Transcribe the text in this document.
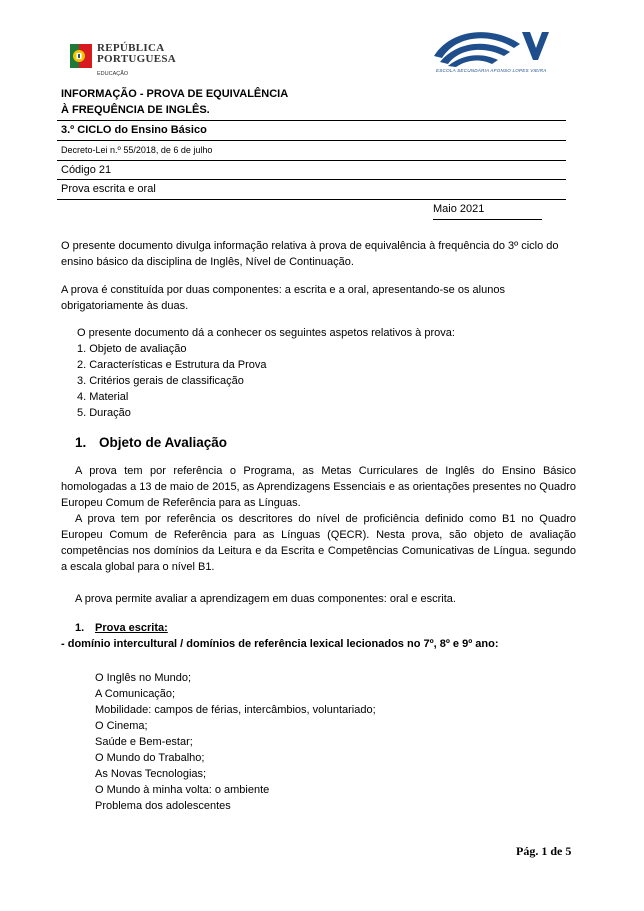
REPÚBLICA
PORTUGUESA
EDUCAÇÃO
ESCOLA SECUNDÁRIA AFONSO LOPES VIEIRA
INFORMAÇÃO - PROVA DE EQUIVALÊNCIA
À FREQUÊNCIA DE INGLÊS.
3.º CICLO do Ensino Básico
Decreto-Lei n.º 55/2018, de 6 de julho
Código 21
Prova escrita e oral
Maio 2021

O presente documento divulga informação relativa à prova de equivalência à frequência do 3º ciclo do ensino básico da disciplina de Inglês, Nível de Continuação.

A prova é constituída por duas componentes: a escrita e a oral, apresentando-se os alunos obrigatoriamente às duas.

O presente documento dá a conhecer os seguintes aspetos relativos à prova:

1. Objeto de avaliação
2. Características e Estrutura da Prova
3. Critérios gerais de classificação
4. Material
5. Duração
1. Objeto de Avaliação

A prova tem por referência o Programa, as Metas Curriculares de Inglês do Ensino Básico homologadas a 13 de maio de 2015, as Aprendizagens Essenciais e as orientações presentes no Quadro Europeu Comum de Referência para as Línguas.

A prova tem por referência os descritores do nível de proficiência definido como B1 no Quadro Europeu Comum de Referência para as Línguas (QECR). Nesta prova, são objeto de avaliação competências nos domínios da Leitura e da Escrita e Competências Comunicativas de Língua. segundo a escala global para o nível B1.

A prova permite avaliar a aprendizagem em duas componentes: oral e escrita.

1. Prova escrita:
- domínio intercultural / domínios de referência lexical lecionados no 7º, 8º e 9º ano:
O Inglês no Mundo;
A Comunicação;
Mobilidade: campos de férias, intercâmbios, voluntariado;
O Cinema;
Saúde e Bem-estar;
O Mundo do Trabalho;
As Novas Tecnologias;
O Mundo à minha volta: o ambiente
Problema dos adolescentes
Pág. 1 de 5
